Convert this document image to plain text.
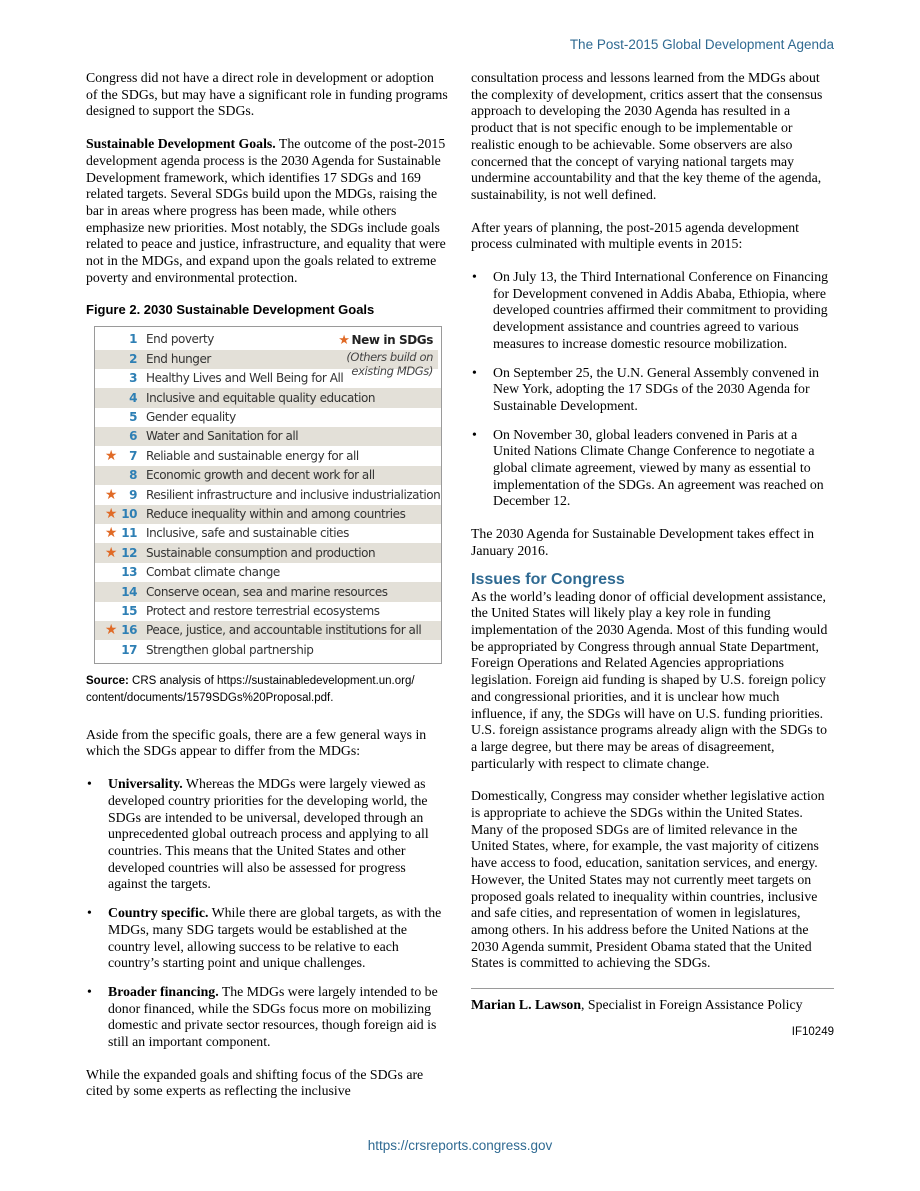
The Post-2015 Global Development Agenda

Congress did not have a direct role in development or adoption of the SDGs, but may have a significant role in funding programs designed to support the SDGs.

Sustainable Development Goals. The outcome of the post-2015 development agenda process is the 2030 Agenda for Sustainable Development framework, which identifies 17 SDGs and 169 related targets. Several SDGs build upon the MDGs, raising the bar in areas where progress has been made, while others emphasize new priorities. Most notably, the SDGs include goals related to peace and justice, infrastructure, and equality that were not in the MDGs, and expand upon the goals related to extreme poverty and environmental protection.

Figure 2. 2030 Sustainable Development Goals
★ New in SDGs
(Others build on
existing MDGs)
1 End poverty
2 End hunger
3 Healthy Lives and Well Being for All
4 Inclusive and equitable quality education
5 Gender equality
6 Water and Sanitation for all
★	7 Reliable and sustainable energy for all
8 Economic growth and decent work for all
★	9 Resilient infrastructure and inclusive industrialization
★ 10 Reduce inequality within and among countries
★ 11 Inclusive, safe and sustainable cities
★ 12 Sustainable consumption and production
13 Combat climate change
14 Conserve ocean, sea and marine resources
15 Protect and restore terrestrial ecosystems
★ 16 Peace, justice, and accountable institutions for all
17 Strengthen global partnership
Source: CRS analysis of https://sustainabledevelopment.un.org/
content/documents/1579SDGs%20Proposal.pdf.

Aside from the specific goals, there are a few general ways in which the SDGs appear to differ from the MDGs:

• Universality. Whereas the MDGs were largely viewed as developed country priorities for the developing world, the SDGs are intended to be universal, developed through an unprecedented global outreach process and applying to all countries. This means that the United States and other developed countries will also be assessed for progress against the targets.
• Country specific. While there are global targets, as with the MDGs, many SDG targets would be established at the country level, allowing success to be relative to each country’s starting point and unique challenges.
• Broader financing. The MDGs were largely intended to be donor financed, while the SDGs focus more on mobilizing domestic and private sector resources, though foreign aid is still an important component.

While the expanded goals and shifting focus of the SDGs are cited by some experts as reflecting the inclusive

consultation process and lessons learned from the MDGs about the complexity of development, critics assert that the consensus approach to developing the 2030 Agenda has resulted in a product that is not specific enough to be implementable or realistic enough to be achievable. Some observers are also concerned that the concept of varying national targets may undermine accountability and that the key theme of the agenda, sustainability, is not well defined.

After years of planning, the post-2015 agenda development process culminated with multiple events in 2015:

• On July 13, the Third International Conference on Financing for Development convened in Addis Ababa, Ethiopia, where developed countries affirmed their commitment to providing development assistance and countries agreed to various measures to increase domestic resource mobilization.
• On September 25, the U.N. General Assembly convened in New York, adopting the 17 SDGs of the 2030 Agenda for Sustainable Development.
• On November 30, global leaders convened in Paris at a United Nations Climate Change Conference to negotiate a global climate agreement, viewed by many as essential to implementation of the SDGs. An agreement was reached on December 12.

The 2030 Agenda for Sustainable Development takes effect in January 2016.

Issues for Congress

As the world’s leading donor of official development assistance, the United States will likely play a key role in funding implementation of the 2030 Agenda. Most of this funding would be appropriated by Congress through annual State Department, Foreign Operations and Related Agencies appropriations legislation. Foreign aid funding is shaped by U.S. foreign policy and congressional priorities, and it is unclear how much influence, if any, the SDGs will have on U.S. funding priorities. U.S. foreign assistance programs already align with the SDGs to a large degree, but there may be areas of disagreement, particularly with respect to climate change.

Domestically, Congress may consider whether legislative action is appropriate to achieve the SDGs within the United States. Many of the proposed SDGs are of limited relevance in the United States, where, for example, the vast majority of citizens have access to food, education, sanitation services, and energy. However, the United States may not currently meet targets on proposed goals related to inequality within countries, inclusive and safe cities, and representation of women in legislatures, among others. In his address before the United Nations at the 2030 Agenda summit, President Obama stated that the United States is committed to achieving the SDGs.

Marian L. Lawson, Specialist in Foreign Assistance Policy
IF10249
https://crsreports.congress.gov
